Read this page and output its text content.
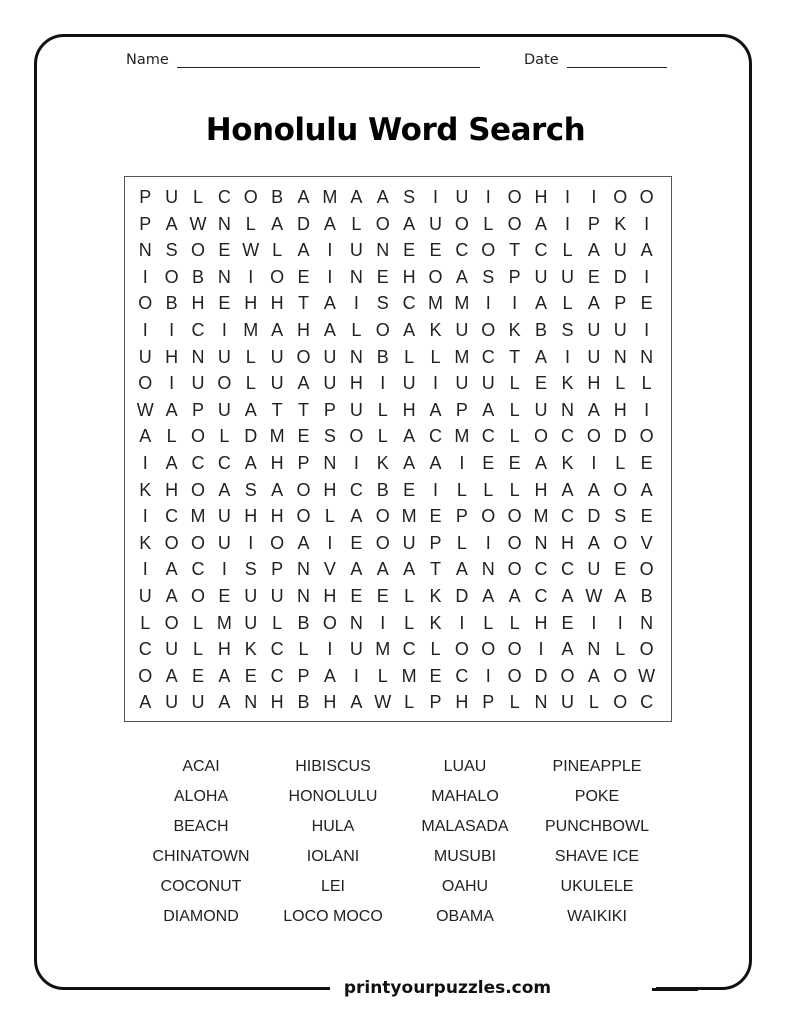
Name	Date
Honolulu Word Search
P U L C O B A M A A S I U I O H I	I O O
P A W N L A D A L O A U O L O A I P K I
N S O E W L A I U N E E C O T C L A U A
I O B N I O E I N E H O A S P U U E D I
O B H E H H T A I S C M M I	I A L A P E
I	I C I M A H A L O A K U O K B S U U I
U H N U L U O U N B L L M C T A I U N N
O I U O L U A U H I U I U U L E K H L L
W A P U A T T P U L H A P A L U N A H I
A L O L D M E S O L A C M C L O C O D O
I A C C A H P N I K A A I E E A K I	L E
K H O A S A O H C B E I	L L L H A A O A
I C M U H H O L A O M E P O O M C D S E
K O O U I O A I E O U P L	I O N H A O V
I A C I S P N V A A A T A N O C C U E O
U A O E U U N H E E L K D A A C A W A B
L O L M U L B O N I	L K I	L L H E I	I N
C U L H K C L	I U M C L O O O I A N L O
O A E A E C P A I	L M E C I O D O A O W
A U U A N H B H A W L P H P L N U L O C
ACAI	HIBISCUS	LUAU	PINEAPPLE
ALOHA	HONOLULU	MAHALO	POKE
BEACH	HULA	MALASADA	PUNCHBOWL
CHINATOWN	IOLANI	MUSUBI	SHAVE ICE
COCONUT	LEI	OAHU	UKULELE
DIAMOND	LOCO MOCO	OBAMA	WAIKIKI
printyourpuzzles.com
